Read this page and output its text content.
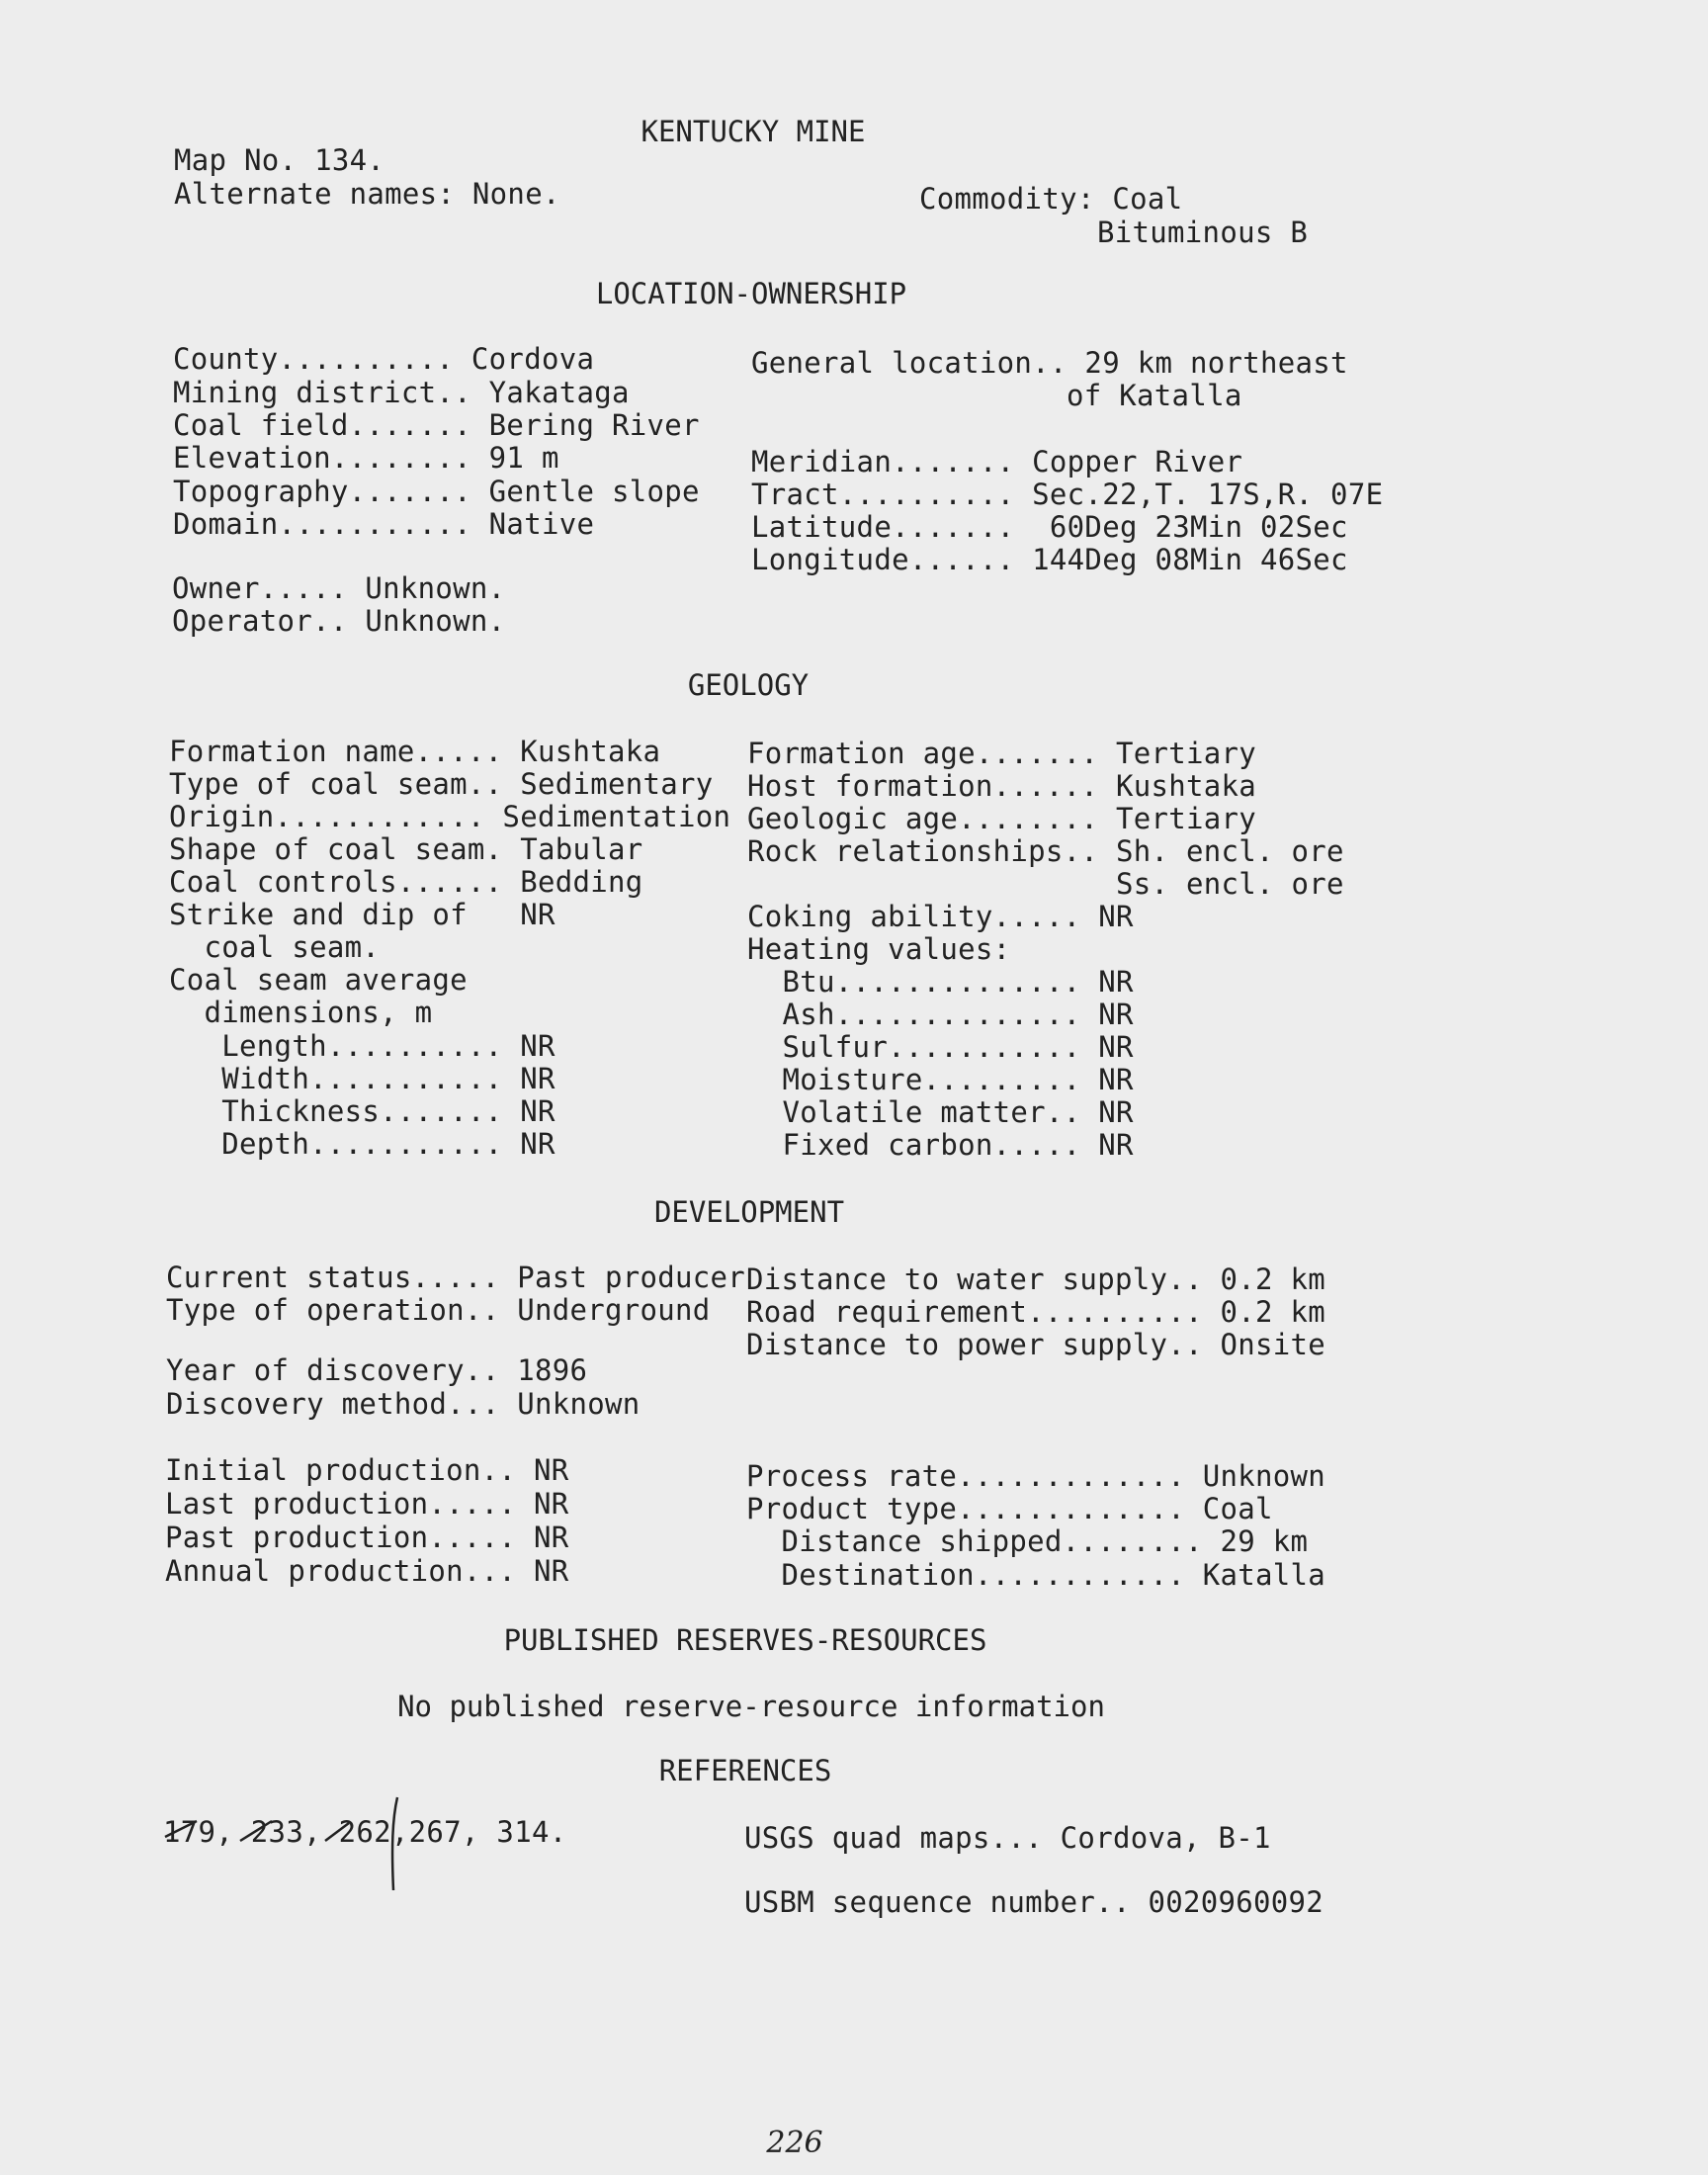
KENTUCKY MINE
Map No. 134.
Alternate names: None.	Commodity: Coal
Bituminous B
LOCATION-OWNERSHIP
County.......... Cordova
Mining district.. Yakataga
Coal field....... Bering River
Elevation........ 91 m
Topography....... Gentle slope
Domain........... Native
General location.. 29 km northeast
of Katalla
Meridian....... Copper River
Tract.......... Sec.22,T. 17S,R. 07E
Latitude.......  60Deg 23Min 02Sec
Longitude...... 144Deg 08Min 46Sec
Owner..... Unknown.
Operator.. Unknown.
GEOLOGY
Formation name..... Kushtaka
Type of coal seam.. Sedimentary
Origin............ Sedimentation
Shape of coal seam. Tabular
Coal controls...... Bedding
Strike and dip of   NR
coal seam.
Coal seam average
dimensions, m
Length.......... NR
Width........... NR
Thickness....... NR
Depth........... NR
Formation age....... Tertiary
Host formation...... Kushtaka
Geologic age........ Tertiary
Rock relationships.. Sh. encl. ore
Ss. encl. ore
Coking ability..... NR
Heating values:
Btu.............. NR
Ash.............. NR
Sulfur........... NR
Moisture......... NR
Volatile matter.. NR
Fixed carbon..... NR
DEVELOPMENT
Current status..... Past producer
Type of operation.. Underground
Distance to water supply.. 0.2 km
Road requirement.......... 0.2 km
Distance to power supply.. Onsite
Year of discovery.. 1896
Discovery method... Unknown
Initial production.. NR
Last production..... NR
Past production..... NR
Annual production... NR
Process rate............. Unknown
Product type............. Coal
Distance shipped........ 29 km
Destination............ Katalla
PUBLISHED RESERVES-RESOURCES
No published reserve-resource information
REFERENCES
179, 233, 262,267, 314.	USGS quad maps... Cordova, B-1
USBM sequence number.. 0020960092
226
